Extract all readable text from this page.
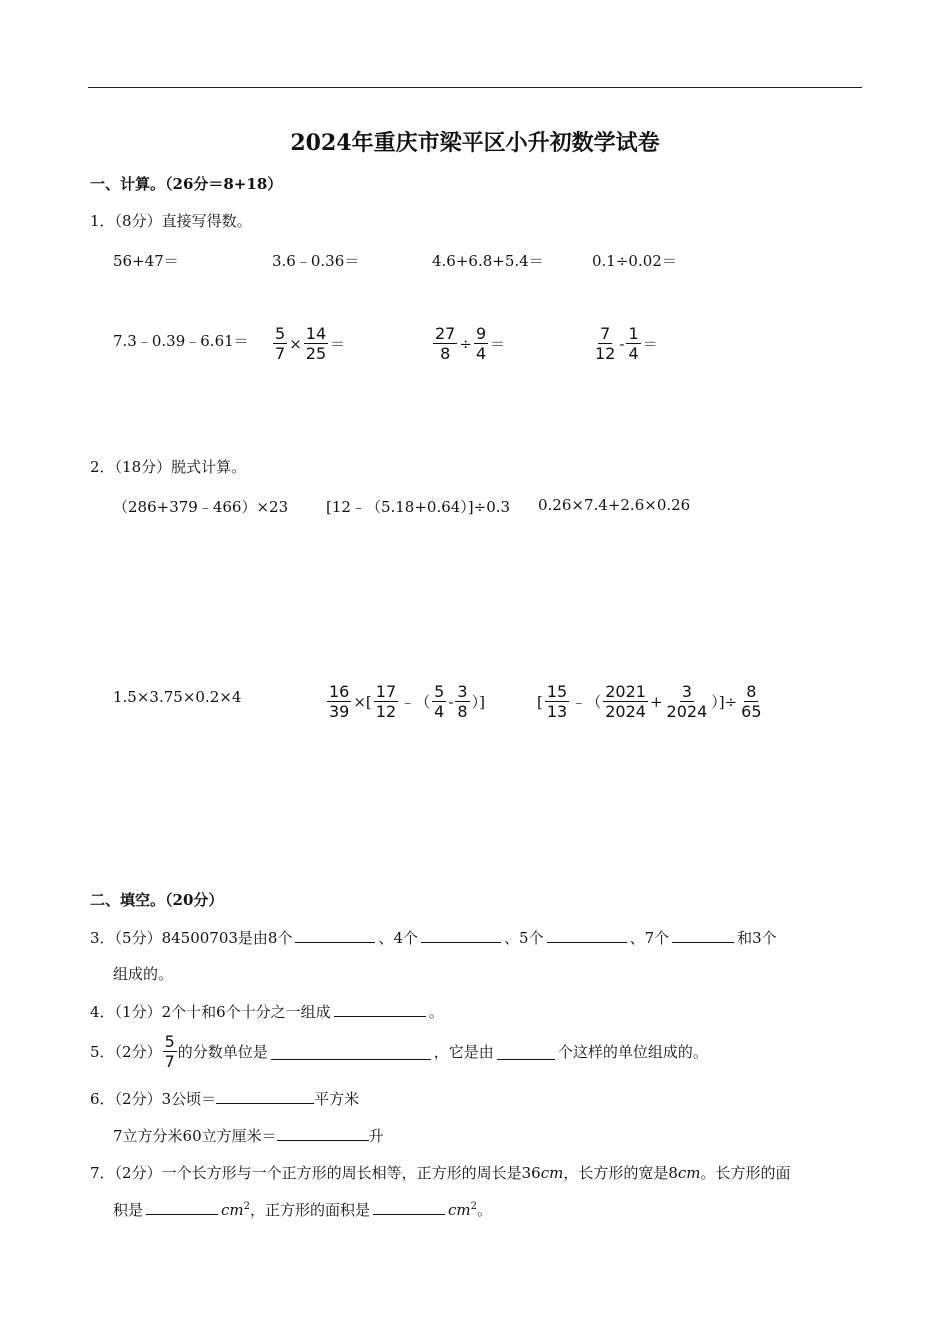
2024年重庆市梁平区小升初数学试卷
一、计算。（26分＝8+18）
1．（8分）直接写得数。
56+47＝	3.6﹣0.36＝	4.6+6.8+5.4＝	0.1÷0.02＝
7.3﹣0.39﹣6.61＝ $\frac{5}{7} \times \frac{14}{25}$ ＝	$\frac{27}{8} \div \frac{9}{4}$ ＝	$\frac{7}{12} - \frac{1}{4}$ ＝
2．（18分）脱式计算。
（286+379﹣466）×23	[12﹣（5.18+0.64）]÷0.3 0.26×7.4+2.6×0.26
1.5×3.75×0.2×4	$\frac{16}{39}$ ×[ $\frac{17}{12}$ ﹣（ $\frac{5}{4} - \frac{3}{8}$ ）]	[ $\frac{15}{13}$ ﹣（ $\frac{2021}{2024} + \frac{3}{2024}$ ）]÷ $\frac{8}{65}$
二、填空。（20分）
3．（5分）84500703是由8个	、4个	、5个	、7个	和3个
组成的。
4．（1分）2个十和6个十分之一组成	。
5．（2分） $\frac{5}{7}$ 的分数单位是	，它是由	个这样的单位组成的。
6．（2分）3公顷＝	平方米
7立方分米60立方厘米＝	升
7．（2分）一个长方形与一个正方形的周长相等，正方形的周长是36cm，长方形的宽是8cm。长方形的面
积是	$cm^2$，正方形的面积是	$cm^2$。
